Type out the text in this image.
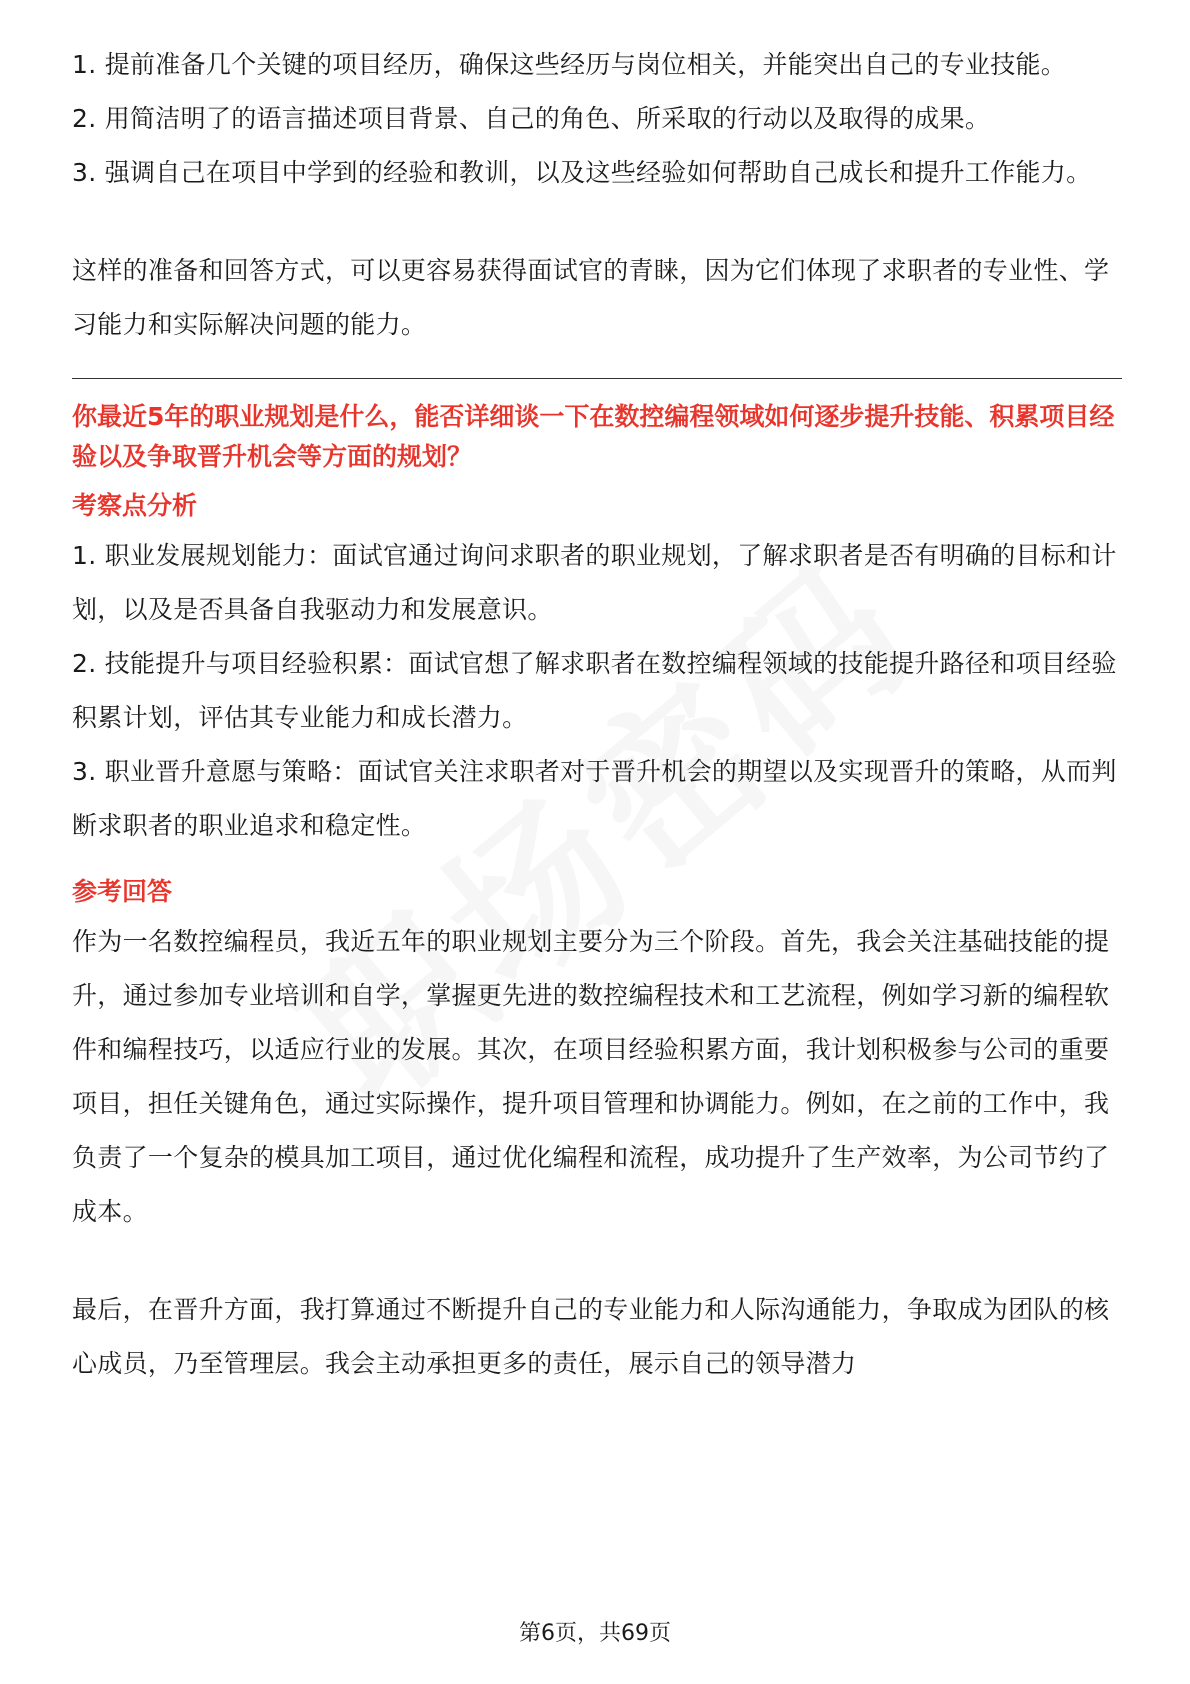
1. 提前准备几个关键的项目经历，确保这些经历与岗位相关，并能突出自己的专业技能。

2. 用简洁明了的语言描述项目背景、自己的角色、所采取的行动以及取得的成果。

3. 强调自己在项目中学到的经验和教训，以及这些经验如何帮助自己成长和提升工作能力。

这样的准备和回答方式，可以更容易获得面试官的青睐，因为它们体现了求职者的专业性、学习能力和实际解决问题的能力。

你最近5年的职业规划是什么，能否详细谈一下在数控编程领域如何逐步提升技能、积累项目经验以及争取晋升机会等方面的规划？

考察点分析

1. 职业发展规划能力：面试官通过询问求职者的职业规划，了解求职者是否有明确的目标和计划，以及是否具备自我驱动力和发展意识。

2. 技能提升与项目经验积累：面试官想了解求职者在数控编程领域的技能提升路径和项目经验积累计划，评估其专业能力和成长潜力。

3. 职业晋升意愿与策略：面试官关注求职者对于晋升机会的期望以及实现晋升的策略，从而判断求职者的职业追求和稳定性。

参考回答

作为一名数控编程员，我近五年的职业规划主要分为三个阶段。首先，我会关注基础技能的提升，通过参加专业培训和自学，掌握更先进的数控编程技术和工艺流程，例如学习新的编程软件和编程技巧，以适应行业的发展。其次，在项目经验积累方面，我计划积极参与公司的重要项目，担任关键角色，通过实际操作，提升项目管理和协调能力。例如，在之前的工作中，我负责了一个复杂的模具加工项目，通过优化编程和流程，成功提升了生产效率，为公司节约了成本。

最后，在晋升方面，我打算通过不断提升自己的专业能力和人际沟通能力，争取成为团队的核心成员，乃至管理层。我会主动承担更多的责任，展示自己的领导潜力

第6页，共69页
